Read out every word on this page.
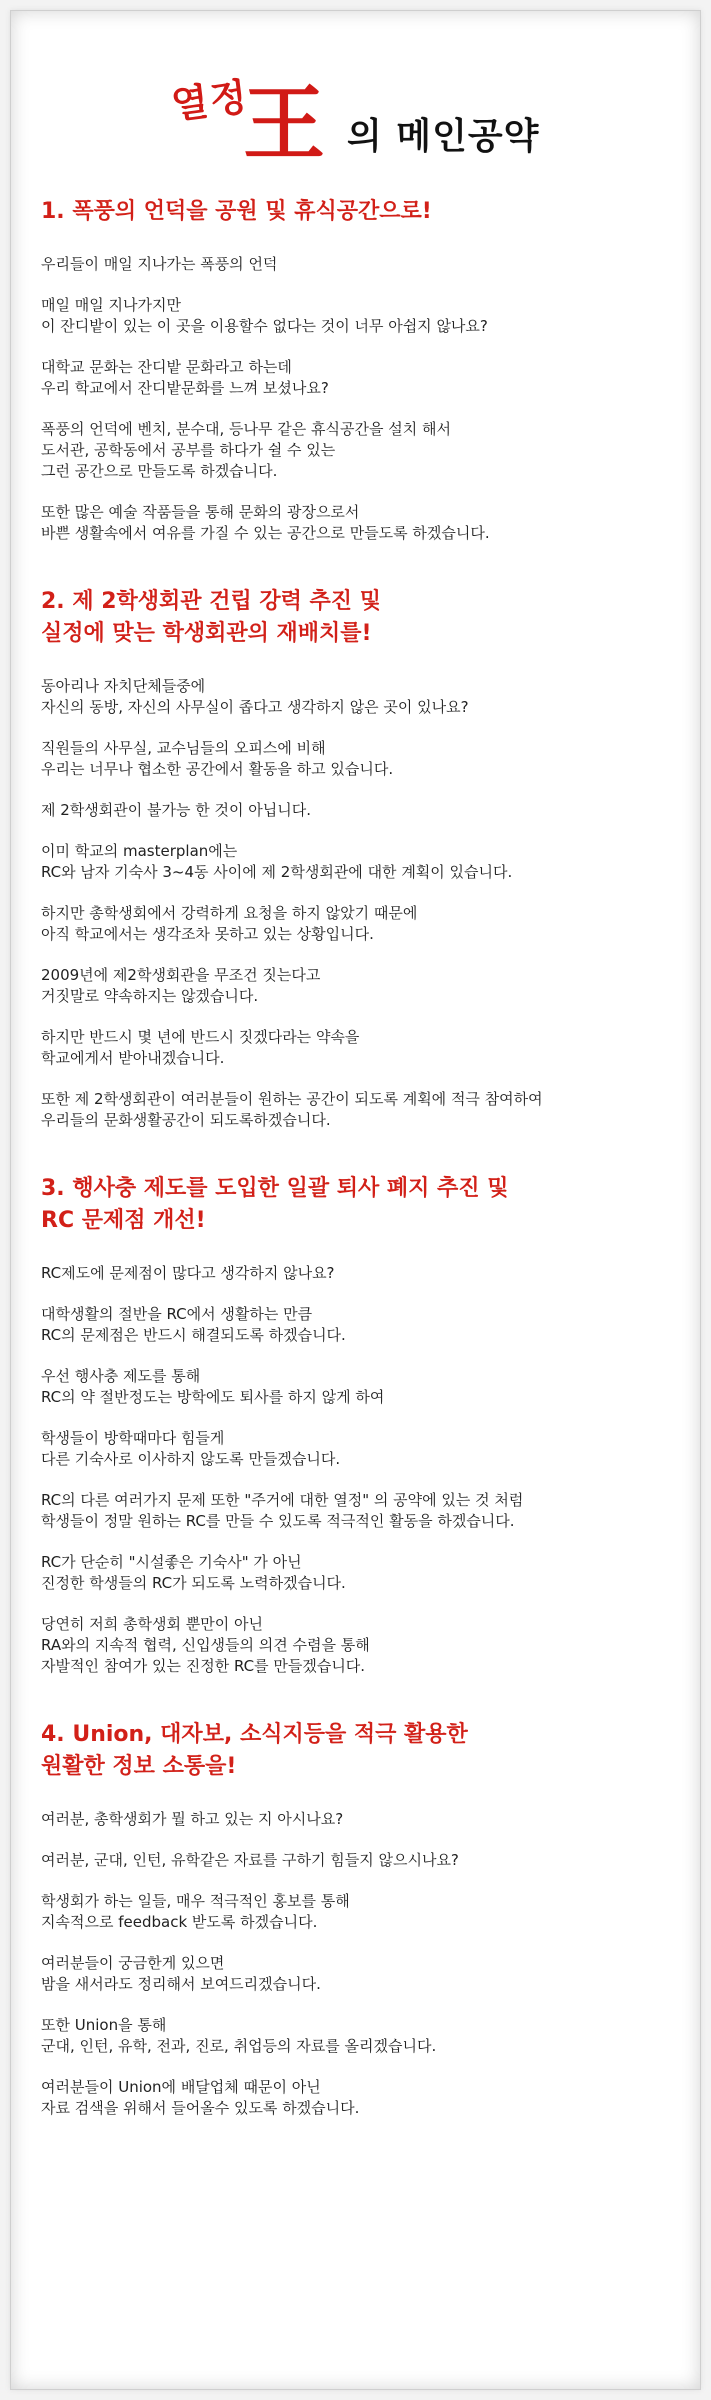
열정
王 의 메인공약
1. 폭풍의 언덕을 공원 및 휴식공간으로!
우리들이 매일 지나가는 폭풍의 언덕
매일 매일 지나가지만
이 잔디밭이 있는 이 곳을 이용할수 없다는 것이 너무 아쉽지 않나요?
대학교 문화는 잔디밭 문화라고 하는데
우리 학교에서 잔디밭문화를 느껴 보셨나요?
폭풍의 언덕에 벤치, 분수대, 등나무 같은 휴식공간을 설치 해서
도서관, 공학동에서 공부를 하다가 쉴 수 있는
그런 공간으로 만들도록 하겠습니다.
또한 많은 예술 작품들을 통해 문화의 광장으로서
바쁜 생활속에서 여유를 가질 수 있는 공간으로 만들도록 하겠습니다.
2. 제 2학생회관 건립 강력 추진 및
실정에 맞는 학생회관의 재배치를!
동아리나 자치단체들중에
자신의 동방, 자신의 사무실이 좁다고 생각하지 않은 곳이 있나요?
직원들의 사무실, 교수님들의 오피스에 비해
우리는 너무나 협소한 공간에서 활동을 하고 있습니다.
제 2학생회관이 불가능 한 것이 아닙니다.
이미 학교의 masterplan에는
RC와 남자 기숙사 3~4동 사이에 제 2학생회관에 대한 계획이 있습니다.
하지만 총학생회에서 강력하게 요청을 하지 않았기 때문에
아직 학교에서는 생각조차 못하고 있는 상황입니다.
2009년에 제2학생회관을 무조건 짓는다고
거짓말로 약속하지는 않겠습니다.
하지만 반드시 몇 년에 반드시 짓겠다라는 약속을
학교에게서 받아내겠습니다.
또한 제 2학생회관이 여러분들이 원하는 공간이 되도록 계획에 적극 참여하여
우리들의 문화생활공간이 되도록하겠습니다.
3. 행사충 제도를 도입한 일괄 퇴사 폐지 추진 및
RC 문제점 개선!
RC제도에 문제점이 많다고 생각하지 않나요?
대학생활의 절반을 RC에서 생활하는 만큼
RC의 문제점은 반드시 해결되도록 하겠습니다.
우선 행사충 제도를 통해
RC의 약 절반정도는 방학에도 퇴사를 하지 않게 하여
학생들이 방학때마다 힘들게
다른 기숙사로 이사하지 않도록 만들겠습니다.
RC의 다른 여러가지 문제 또한 "주거에 대한 열정" 의 공약에 있는 것 처럼
학생들이 정말 원하는 RC를 만들 수 있도록 적극적인 활동을 하겠습니다.
RC가 단순히 "시설좋은 기숙사" 가 아닌
진정한 학생들의 RC가 되도록 노력하겠습니다.
당연히 저희 총학생회 뿐만이 아닌
RA와의 지속적 협력, 신입생들의 의견 수렴을 통해
자발적인 참여가 있는 진정한 RC를 만들겠습니다.
4. Union, 대자보, 소식지등을 적극 활용한
원활한 정보 소통을!
여러분, 총학생회가 뭘 하고 있는 지 아시나요?
여러분, 군대, 인턴, 유학같은 자료를 구하기 힘들지 않으시나요?
학생회가 하는 일들, 매우 적극적인 홍보를 통해
지속적으로 feedback 받도록 하겠습니다.
여러분들이 궁금한게 있으면
밤을 새서라도 정리해서 보여드리겠습니다.
또한 Union을 통해
군대, 인턴, 유학, 전과, 진로, 취업등의 자료를 올리겠습니다.
여러분들이 Union에 배달업체 때문이 아닌
자료 검색을 위해서 들어올수 있도록 하겠습니다.
